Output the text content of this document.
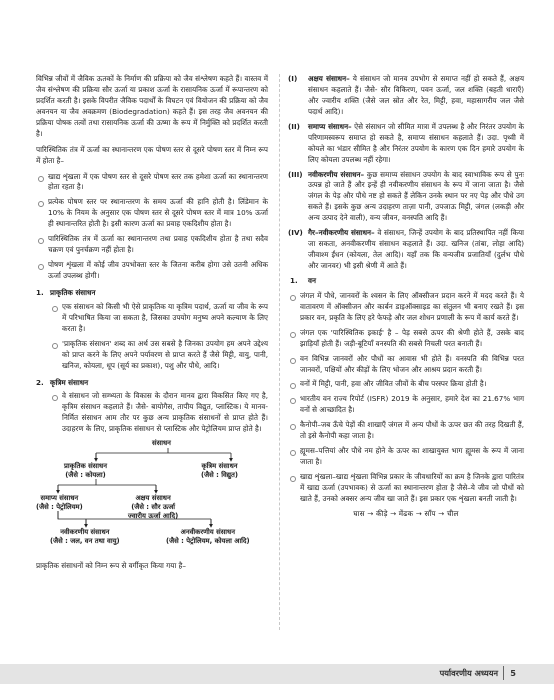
विभिन्न जीवों में जैविक ऊतकों के निर्माण की प्रक्रिया को जैव संश्लेषण कहते हैं। वास्तव में जैव संश्लेषण की प्रक्रिया सौर ऊर्जा या प्रकाश ऊर्जा के रासायनिक ऊर्जा में रूपान्तरण को प्रदर्शित करती है। इसके विपरीत जैविक पदार्थों के विघटन एवं वियोजन की प्रक्रिया को जैव अवनयन या जैव अवक्रमण (Biodegradation) कहते हैं। इस तरह जैव अवनयन की प्रक्रिया पोषक तत्वों तथा रासायनिक ऊर्जा की ऊष्मा के रूप में निर्मुक्ति को प्रदर्शित करती है।

पारिस्थितिक तंत्र में ऊर्जा का स्थानान्तरण एक पोषण स्तर से दूसरे पोषण स्तर में निम्न रूप में होता है–

खाद्य शृंखला में एक पोषण स्तर से दूसरे पोषण स्तर तक हमेशा ऊर्जा का स्थानान्तरण होता रहता है।
प्रत्येक पोषण स्तर पर स्थानान्तरण के समय ऊर्जा की हानि होती है। लिंडेमान के 10% के नियम के अनुसार एक पोषण स्तर से दूसरे पोषण स्तर में मात्र 10% ऊर्जा ही स्थानान्तरित होती है। इसी कारण ऊर्जा का प्रवाह एकदिशीय होता है।
पारिस्थितिक तंत्र में ऊर्जा का स्थानान्तरण तथा प्रवाह एकदिशीय होता है तथा सदैव चक्रण एवं पुनर्चक्रण नहीं होता है।
पोषण शृंखला में कोई जीव उपभोक्ता स्तर के जितना करीब होगा उसे उतनी अधिक ऊर्जा उपलब्ध होगी।
1. प्राकृतिक संसाधन
एक संसाधन को किसी भी ऐसे प्राकृतिक या कृत्रिम पदार्थ, ऊर्जा या जीव के रूप में परिभाषित किया जा सकता है, जिसका उपयोग मनुष्य अपने कल्याण के लिए करता है।
'प्राकृतिक संसाधन' शब्द का अर्थ उस सबसे है जिनका उपयोग हम अपने उद्देश्य को प्राप्त करने के लिए अपने पर्यावरण से प्राप्त करते हैं जैसे मिट्टी, वायु, पानी, खनिज, कोयला, धूप (सूर्य का प्रकाश), पशु और पौधे, आदि।
2. कृत्रिम संसाधन
वे संसाधन जो सम्भ्यता के विकास के दौरान मानव द्वारा विकसित किए गए है, कृत्रिम संसाधन कहलाते हैं। जैसे- बायोगैस, तापीय विद्युत, प्लास्टिक। ये मानव-निर्मित संसाधन आम तौर पर कुछ अन्य प्राकृतिक संसाधनों से प्राप्त होते हैं। उदाहरण के लिए, प्राकृतिक संसाधन से प्लास्टिक और पेट्रोलियम प्राप्त होते है।
संसाधन
प्राकृतिक संसाधन
(जैसे : कोयला)
कृत्रिम संसाधन
(जैसे : विद्युत)
समाप्य संसाधन
(जैसे : पेट्रोलियम)
अक्षय संसाधन
(जैसे : सौर ऊर्जा
ज्वारीय ऊर्जा आदि)
नवीकरणीय संसाधन
(जैसे : जल, वन तथा वायु)
अनवीकरणीय संसाधन
(जैसे : पेट्रोलियम, कोयला आदि)

प्राकृतिक संसाधनों को निम्न रूप से वर्गीकृत किया गया है–

(I) अक्षय संसाधन– ये संसाधन जो मानव उपभोग से समाप्त नहीं हो सकते हैं, अक्षय संसाधन कहलाते हैं। जैसे- सौर विकिरण, पवन ऊर्जा, जल शक्ति (बहती धाराएँ) और ज्वारीय शक्ति (जैसे जल स्रोत और रेत, मिट्टी, हवा, महासागरीय जल जैसे पदार्थ आदि)।
(II) समाप्य संसाधन– ऐसे संसाधन जो सीमित मात्रा में उपलब्ध है और निरंतर उपयोग के परिणामस्वरूप समाप्त हो सकते है, समाप्य संसाधन कहलाते हैं। उदा. पृथ्वी में कोयले का भंडार सीमित है और निरंतर उपयोग के कारण एक दिन हमारे उपयोग के लिए कोयला उपलब्ध नहीं रहेगा।
(III) नवीकरणीय संसाधन– कुछ समाप्य संसाधन उपयोग के बाद स्वाभाविक रूप से पुनः उत्पन्न हो जाते हैं और इन्हें ही नवीकरणीय संसाधन के रूप में जाना जाता है। जैसे जंगल के पेड़ और पौधे नष्ट हो सकते हैं लेकिन उनके स्थान पर नए पेड़ और पौधे उग सकते हैं। इसके कुछ अन्य उदाहरण ताज़ा पानी, उपजाऊ मिट्टी, जंगल (लकड़ी और अन्य उत्पाद देने वाली), वन्य जीवन, वनस्पति आदि हैं।
(IV) गैर–नवीकरणीय संसाधन– वे संसाधन, जिन्हें उपयोग के बाद प्रतिस्थापित नहीं किया जा सकता, अनवीकरणीय संसाधन कहलाते हैं। उदा. खनिज (तांबा, लोहा आदि) जीवाश्म ईंधन (कोयला, तेल आदि)। यहाँ तक कि वन्यजीव प्रजातियाँ (दुर्लभ पौधे और जानवर) भी इसी श्रेणी में आते हैं।
1. वन
जंगल में पौधे, जानवरों के श्वसन के लिए ऑक्सीजन प्रदान करने में मदद करते हैं। ये वातावरण में ऑक्सीजन और कार्बन डाइऑक्साइड का संतुलन भी बनाए रखते हैं। इस प्रकार वन, प्रकृति के लिए हरे फेफड़े और जल शोधन प्रणाली के रूप में कार्य करते हैं।
जंगल एक 'पारिस्थितिक इकाई' है – पेड़ सबसे ऊपर की श्रेणी होते हैं, उसके बाद झाड़ियाँ होती हैं। जड़ी-बूटियाँ वनस्पति की सबसे निचली परत बनाती हैं।
वन विभिन्न जानवरों और पौधों का आवास भी होते हैं। वनस्पति की विभिन्न परत जानवरों, पक्षियों और कीड़ों के लिए भोजन और आश्रय प्रदान करती हैं।
वनों में मिट्टी, पानी, हवा और जीवित जीवों के बीच परस्पर क्रिया होती है।
भारतीय वन राज्य रिपोर्ट (ISFR) 2019 के अनुसार, हमारे देश का 21.67% भाग वनों से आच्छादित है।
कैनोपी–जब ऊँचे पेड़ों की शाखाएँ जंगल में अन्य पौधों के ऊपर छत की तरह दिखती हैं, तो इसे कैनोपी कहा जाता है।
ह्यूमस–पत्तियां और पौधे नम होने के ऊपर का शाखायुक्त भाग ह्यूमस के रूप में जाना जाता है।
खाद्य शृंखला–खाद्य शृंखला विभिन्न प्रकार के जीवधारियों का क्रम है जिनके द्वारा पारितंत्र में खाद्य ऊर्जा (उपभावक) से ऊर्जा का स्थानान्तरण होता है जैसे–ये जीव जो पौधों को खाते हैं, उनको अक्सर अन्य जीव खा जाते हैं। इस प्रकार एक शृंखला बनती जाती है।
घास → कीड़े → मेंढक → साँप → चील
पर्यावरणीय अध्ययन 5
